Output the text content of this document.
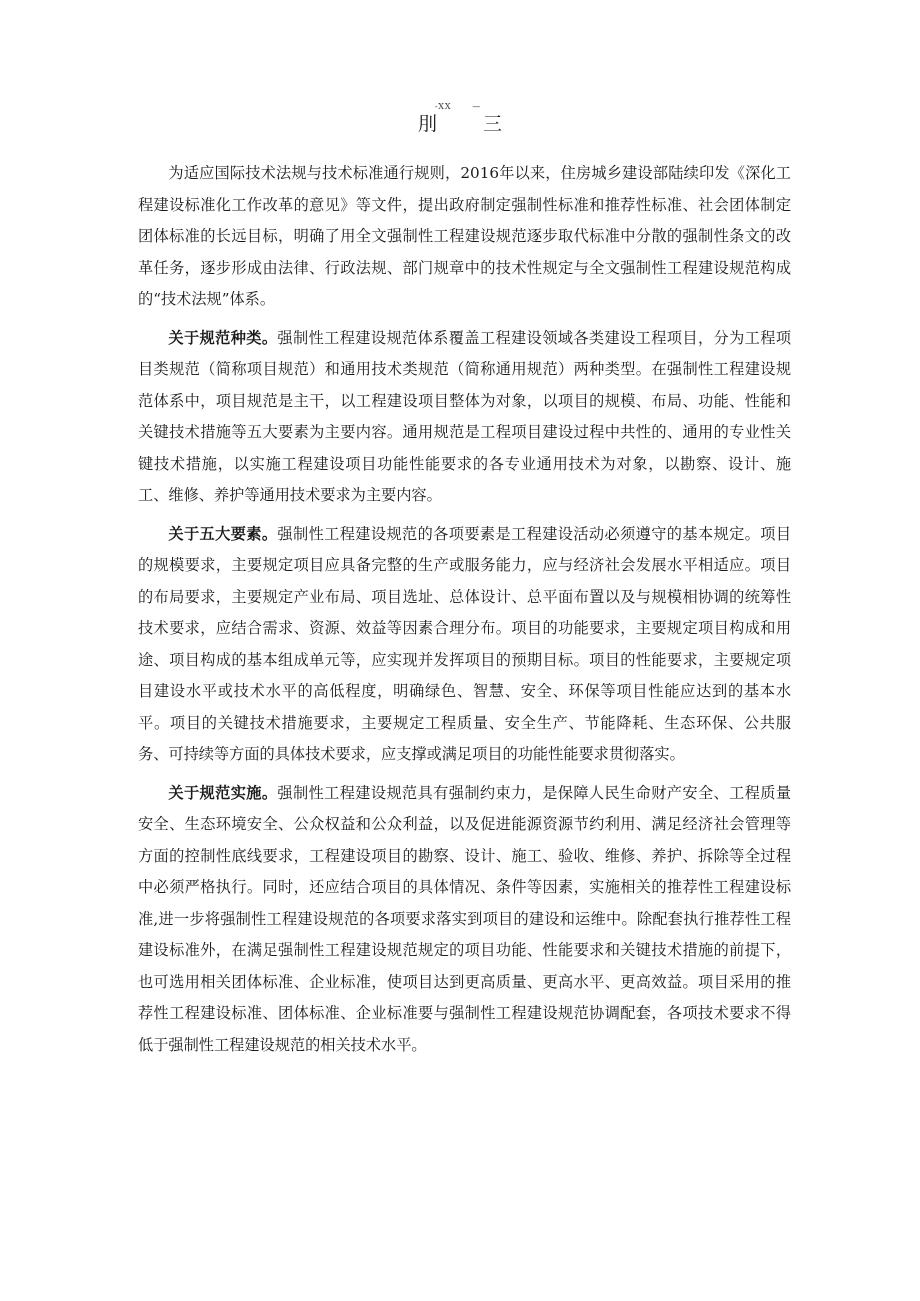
-XX	—
刖 三

为适应国际技术法规与技术标准通行规则，2016年以来，住房城乡建设部陆续印发《深化工程建设标准化工作改革的意见》等文件，提出政府制定强制性标准和推荐性标准、社会团体制定团体标准的长远目标，明确了用全文强制性工程建设规范逐步取代标准中分散的强制性条文的改革任务，逐步形成由法律、行政法规、部门规章中的技术性规定与全文强制性工程建设规范构成的“技术法规”体系。

关于规范种类。强制性工程建设规范体系覆盖工程建设领域各类建设工程项目，分为工程项目类规范（简称项目规范）和通用技术类规范（简称通用规范）两种类型。在强制性工程建设规范体系中，项目规范是主干，以工程建设项目整体为对象，以项目的规模、布局、功能、性能和关键技术措施等五大要素为主要内容。通用规范是工程项目建设过程中共性的、通用的专业性关键技术措施，以实施工程建设项目功能性能要求的各专业通用技术为对象，以勘察、设计、施工、维修、养护等通用技术要求为主要内容。

关于五大要素。强制性工程建设规范的各项要素是工程建设活动必须遵守的基本规定。项目的规模要求，主要规定项目应具备完整的生产或服务能力，应与经济社会发展水平相适应。项目的布局要求，主要规定产业布局、项目选址、总体设计、总平面布置以及与规模相协调的统筹性技术要求，应结合需求、资源、效益等因素合理分布。项目的功能要求，主要规定项目构成和用途、项目构成的基本组成单元等，应实现并发挥项目的预期目标。项目的性能要求，主要规定项目建设水平或技术水平的高低程度，明确绿色、智慧、安全、环保等项目性能应达到的基本水平。项目的关键技术措施要求，主要规定工程质量、安全生产、节能降耗、生态环保、公共服务、可持续等方面的具体技术要求，应支撑或满足项目的功能性能要求贯彻落实。

关于规范实施。强制性工程建设规范具有强制约束力，是保障人民生命财产安全、工程质量安全、生态环境安全、公众权益和公众利益，以及促进能源资源节约利用、满足经济社会管理等方面的控制性底线要求，工程建设项目的勘察、设计、施工、验收、维修、养护、拆除等全过程中必须严格执行。同时，还应结合项目的具体情况、条件等因素，实施相关的推荐性工程建设标准,进一步将强制性工程建设规范的各项要求落实到项目的建设和运维中。除配套执行推荐性工程建设标准外，在满足强制性工程建设规范规定的项目功能、性能要求和关键技术措施的前提下，也可选用相关团体标准、企业标准，使项目达到更高质量、更高水平、更高效益。项目采用的推荐性工程建设标准、团体标准、企业标准要与强制性工程建设规范协调配套，各项技术要求不得低于强制性工程建设规范的相关技术水平。
